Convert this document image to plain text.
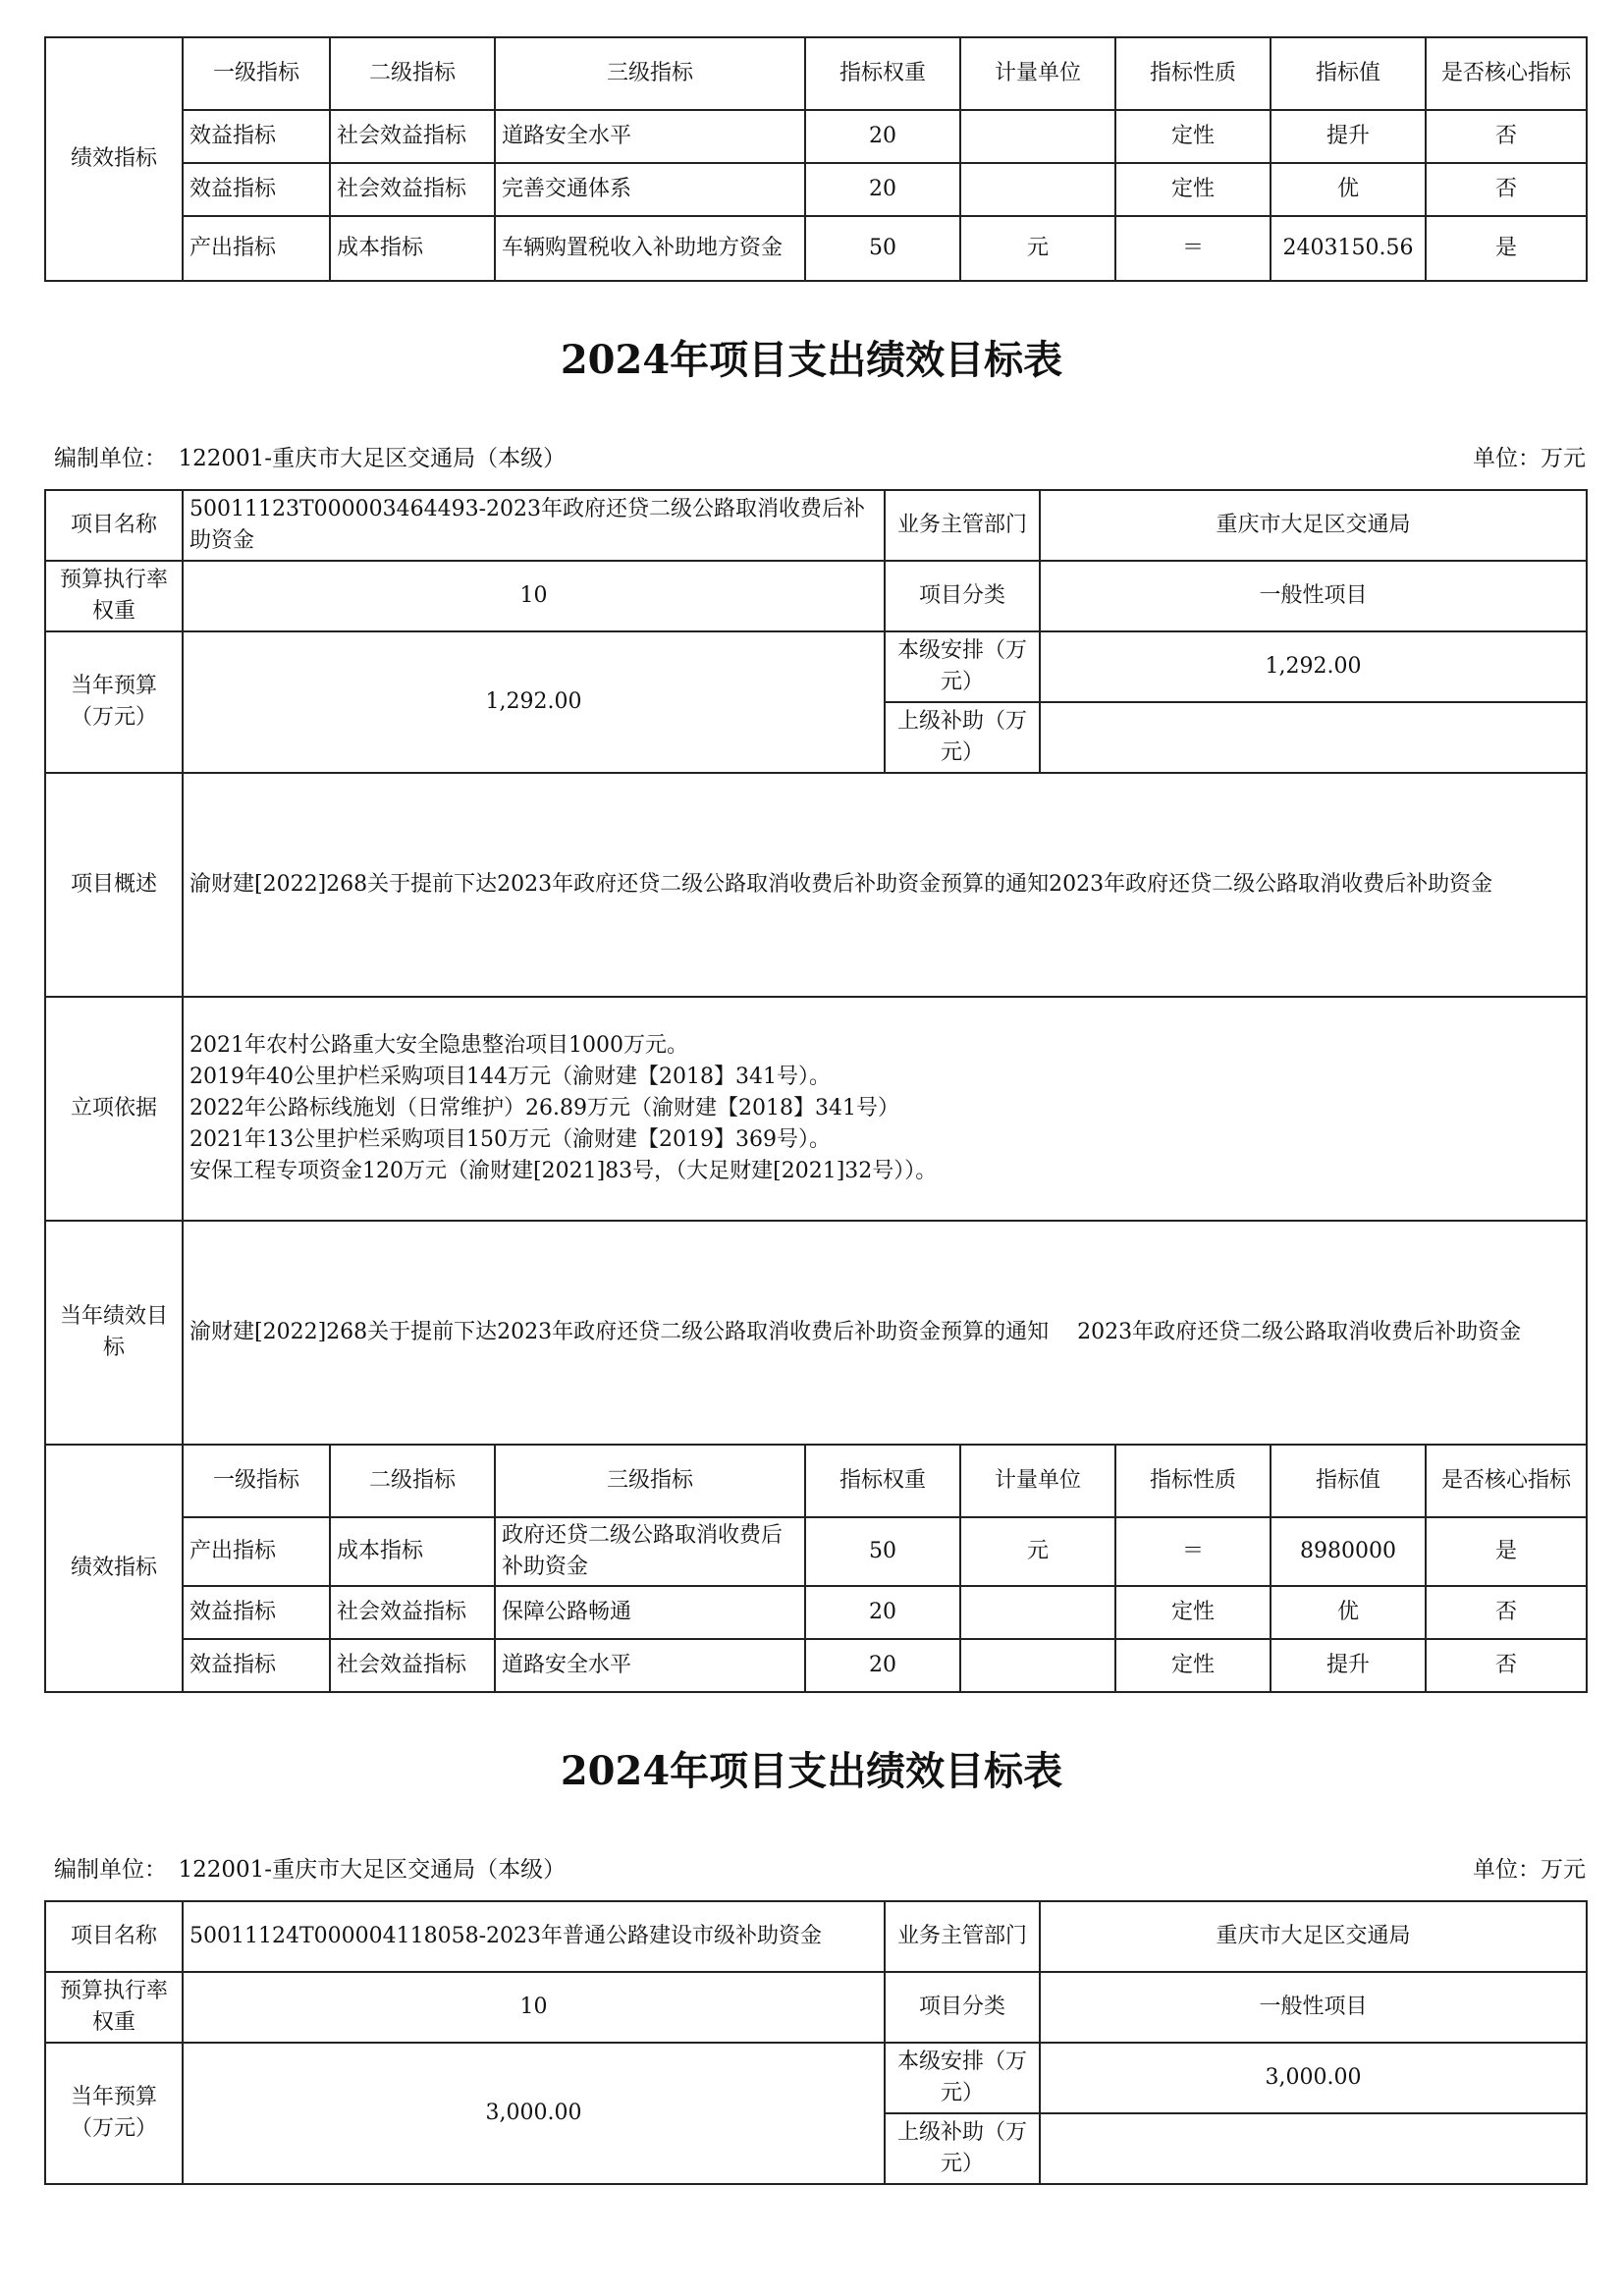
绩效指标	一级指标	二级指标	三级指标	指标权重	计量单位	指标性质	指标值	是否核心指标
	效益指标	社会效益指标	道路安全水平	20		定性	提升	否
	效益指标	社会效益指标	完善交通体系	20		定性	优	否
	产出指标	成本指标	车辆购置税收入补助地方资金	50	元	＝	2403150.56	是
2024年项目支出绩效目标表
编制单位：　122001-重庆市大足区交通局（本级）	单位：万元
项目名称	50011123T000003464493-2023年政府还贷二级公路取消收费后补助资金	业务主管部门	重庆市大足区交通局
预算执行率权重	10	项目分类	一般性项目
当年预算（万元）	1,292.00	本级安排（万元）	1,292.00
		上级补助（万元）	
项目概述	渝财建[2022]268关于提前下达2023年政府还贷二级公路取消收费后补助资金预算的通知2023年政府还贷二级公路取消收费后补助资金		
立项依据	2021年农村公路重大安全隐患整治项目1000万元。
2019年40公里护栏采购项目144万元（渝财建【2018】341号）。
2022年公路标线施划（日常维护）26.89万元（渝财建【2018】341号）
2021年13公里护栏采购项目150万元（渝财建【2019】369号）。
安保工程专项资金120万元（渝财建[2021]83号，（大足财建[2021]32号））。		
当年绩效目标	渝财建[2022]268关于提前下达2023年政府还贷二级公路取消收费后补助资金预算的通知　 2023年政府还贷二级公路取消收费后补助资金		
绩效指标	一级指标	二级指标	三级指标	指标权重	计量单位	指标性质	指标值	是否核心指标
	产出指标	成本指标	政府还贷二级公路取消收费后补助资金	50	元	＝	8980000	是
	效益指标	社会效益指标	保障公路畅通	20		定性	优	否
	效益指标	社会效益指标	道路安全水平	20		定性	提升	否
2024年项目支出绩效目标表
编制单位：　122001-重庆市大足区交通局（本级）	单位：万元
项目名称	50011124T000004118058-2023年普通公路建设市级补助资金	业务主管部门	重庆市大足区交通局
预算执行率权重	10	项目分类	一般性项目
当年预算（万元）	3,000.00	本级安排（万元）	3,000.00
		上级补助（万元）	
